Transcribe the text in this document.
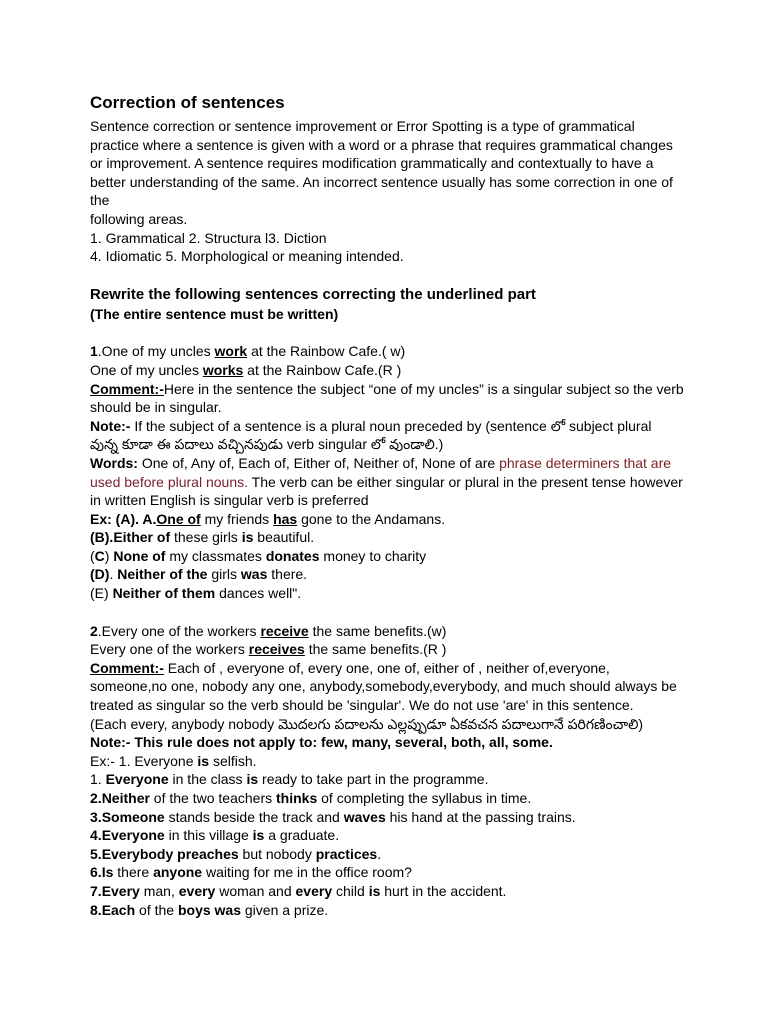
Correction of sentences

Sentence correction or sentence improvement or Error Spotting is a type of grammatical

practice where a sentence is given with a word or a phrase that requires grammatical changes

or improvement. A sentence requires modification grammatically and contextually to have a

better understanding of the same. An incorrect sentence usually has some correction in one of

the

following areas.

1. Grammatical 2. Structura l3. Diction

4. Idiomatic 5. Morphological or meaning intended.

Rewrite the following sentences correcting the underlined part

(The entire sentence must be written)

1.One of my uncles work at the Rainbow Cafe.( w)

One of my uncles works at the Rainbow Cafe.(R )

Comment:-Here in the sentence the subject “one of my uncles” is a singular subject so the verb

should be in singular.

Note:- If the subject of a sentence is a plural noun preceded by (sentence లో subject plural

వున్న కూడా ఈ పదాలు వచ్చినపుడు verb singular లో వుండాలి.)

Words: One of, Any of, Each of, Either of, Neither of, None of are phrase determiners that are

used before plural nouns. The verb can be either singular or plural in the present tense however

in written English is singular verb is preferred

Ex: (A). A.One of my friends has gone to the Andamans.

(B).Either of these girls is beautiful.

(C) None of my classmates donates money to charity

(D). Neither of the girls was there.

(E) Neither of them dances well".

2.Every one of the workers receive the same benefits.(w)

Every one of the workers receives the same benefits.(R )

Comment:- Each of , everyone of, every one, one of, either of , neither of,everyone,

someone,no one, nobody any one, anybody,somebody,everybody, and much should always be

treated as singular so the verb should be 'singular'. We do not use 'are' in this sentence.

(Each every, anybody nobody మొదలగు పదాలను ఎల్లప్పుడూ ఏకవచన పదాలుగానే పరిగణించాలి)

Note:- This rule does not apply to: few, many, several, both, all, some.

Ex:- 1. Everyone is selfish.

1. Everyone in the class is ready to take part in the programme.

2.Neither of the two teachers thinks of completing the syllabus in time.

3.Someone stands beside the track and waves his hand at the passing trains.

4.Everyone in this village is a graduate.

5.Everybody preaches but nobody practices.

6.Is there anyone waiting for me in the office room?

7.Every man, every woman and every child is hurt in the accident.

8.Each of the boys was given a prize.
